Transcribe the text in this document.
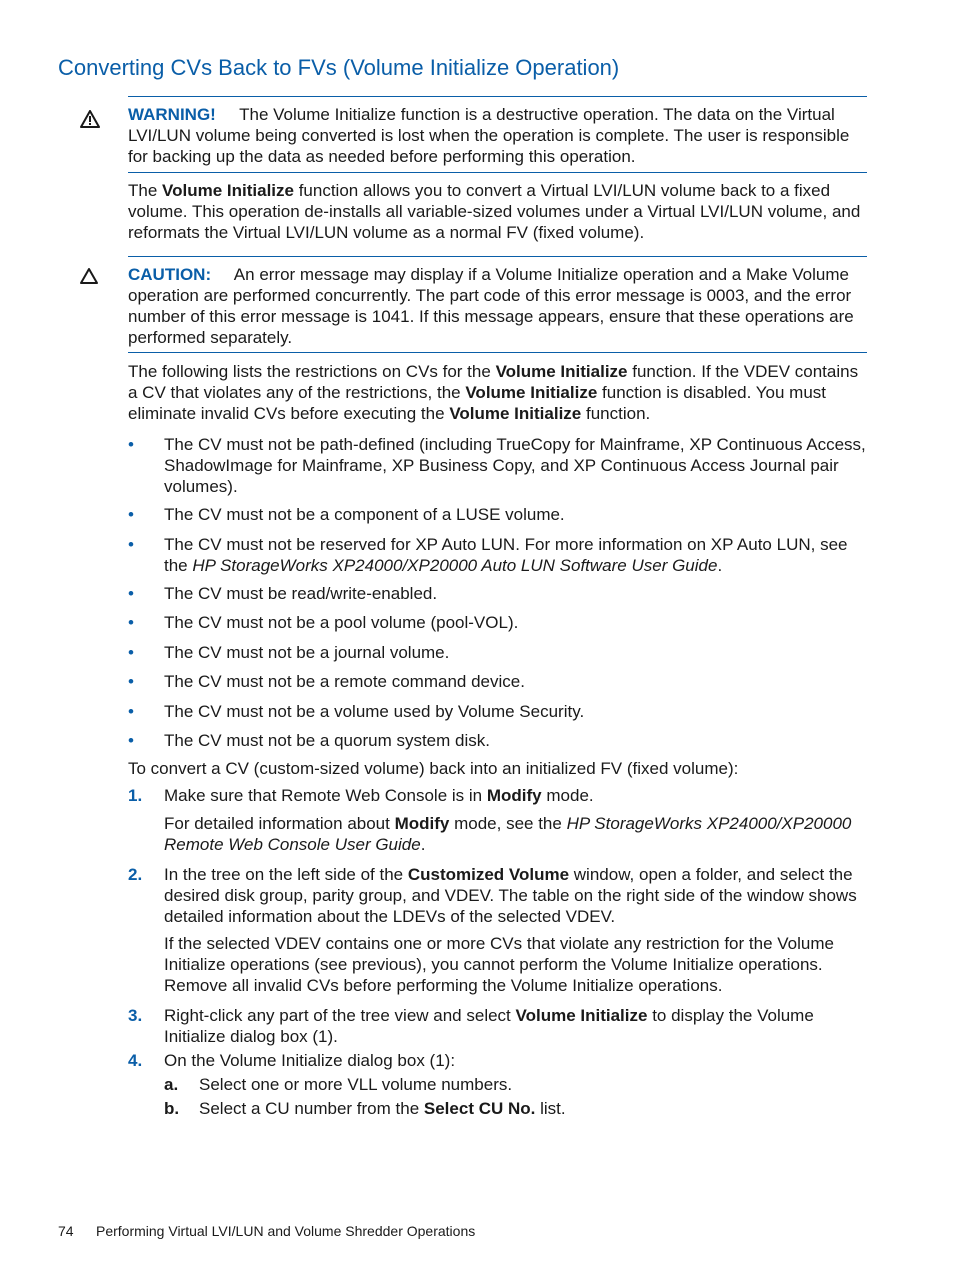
Converting CVs Back to FVs (Volume Initialize Operation)

WARNING! The Volume Initialize function is a destructive operation. The data on the Virtual LVI/LUN volume being converted is lost when the operation is complete. The user is responsible for backing up the data as needed before performing this operation.

The Volume Initialize function allows you to convert a Virtual LVI/LUN volume back to a fixed volume. This operation de-installs all variable-sized volumes under a Virtual LVI/LUN volume, and reformats the Virtual LVI/LUN volume as a normal FV (fixed volume).

CAUTION: An error message may display if a Volume Initialize operation and a Make Volume operation are performed concurrently. The part code of this error message is 0003, and the error number of this error message is 1041. If this message appears, ensure that these operations are performed separately.

The following lists the restrictions on CVs for the Volume Initialize function. If the VDEV contains a CV that violates any of the restrictions, the Volume Initialize function is disabled. You must eliminate invalid CVs before executing the Volume Initialize function.

• The CV must not be path-defined (including TrueCopy for Mainframe, XP Continuous Access, ShadowImage for Mainframe, XP Business Copy, and XP Continuous Access Journal pair volumes).
• The CV must not be a component of a LUSE volume.
• The CV must not be reserved for XP Auto LUN. For more information on XP Auto LUN, see the HP StorageWorks XP24000/XP20000 Auto LUN Software User Guide.
• The CV must be read/write-enabled.
• The CV must not be a pool volume (pool-VOL).
• The CV must not be a journal volume.
• The CV must not be a remote command device.
• The CV must not be a volume used by Volume Security.
• The CV must not be a quorum system disk.

To convert a CV (custom-sized volume) back into an initialized FV (fixed volume):

1. Make sure that Remote Web Console is in Modify mode.
For detailed information about Modify mode, see the HP StorageWorks XP24000/XP20000 Remote Web Console User Guide.
2. In the tree on the left side of the Customized Volume window, open a folder, and select the desired disk group, parity group, and VDEV. The table on the right side of the window shows detailed information about the LDEVs of the selected VDEV.
If the selected VDEV contains one or more CVs that violate any restriction for the Volume Initialize operations (see previous), you cannot perform the Volume Initialize operations. Remove all invalid CVs before performing the Volume Initialize operations.
3. Right-click any part of the tree view and select Volume Initialize to display the Volume Initialize dialog box (1).
4. On the Volume Initialize dialog box (1):
a. Select one or more VLL volume numbers.
b. Select a CU number from the Select CU No. list.
74 Performing Virtual LVI/LUN and Volume Shredder Operations
